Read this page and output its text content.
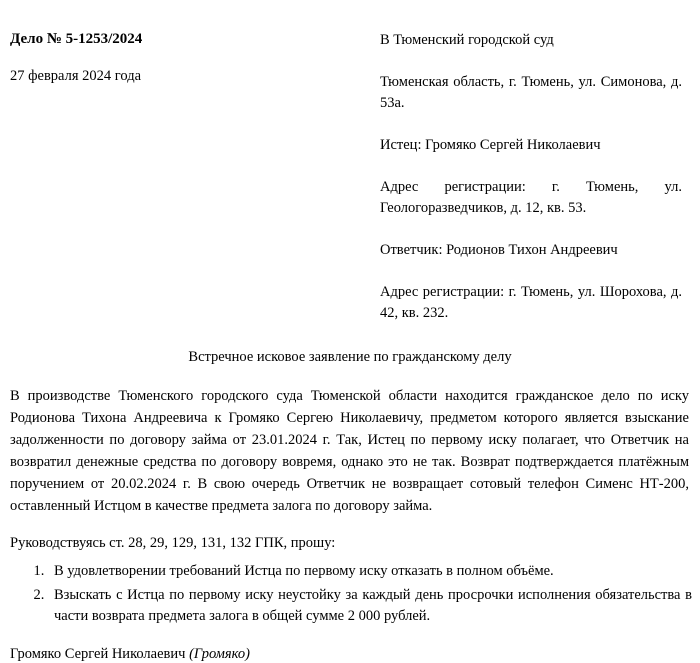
Дело № 5-1253/2024
27 февраля 2024 года
В Тюменский городской суд
Тюменская область, г. Тюмень, ул. Симонова, д. 53а.
Истец: Громяко Сергей Николаевич
Адрес регистрации: г. Тюмень, ул. Геологоразведчиков, д. 12, кв. 53.
Ответчик: Родионов Тихон Андреевич
Адрес регистрации: г. Тюмень, ул. Шорохова, д. 42, кв. 232.
Встречное исковое заявление по гражданскому делу
В производстве Тюменского городского суда Тюменской области находится гражданское дело по иску Родионова Тихона Андреевича к Громяко Сергею Николаевичу, предметом которого является взыскание задолженности по договору займа от 23.01.2024 г. Так, Истец по первому иску полагает, что Ответчик на возвратил денежные средства по договору вовремя, однако это не так. Возврат подтверждается платёжным поручением от 20.02.2024 г. В свою очередь Ответчик не возвращает сотовый телефон Сименс НТ-200, оставленный Истцом в качестве предмета залога по договору займа.
Руководствуясь ст. 28, 29, 129, 131, 132 ГПК, прошу:
1. В удовлетворении требований Истца по первому иску отказать в полном объёме.
2. Взыскать с Истца по первому иску неустойку за каждый день просрочки исполнения обязательства в части возврата предмета залога в общей сумме 2 000 рублей.
Громяко Сергей Николаевич (Громяко)
